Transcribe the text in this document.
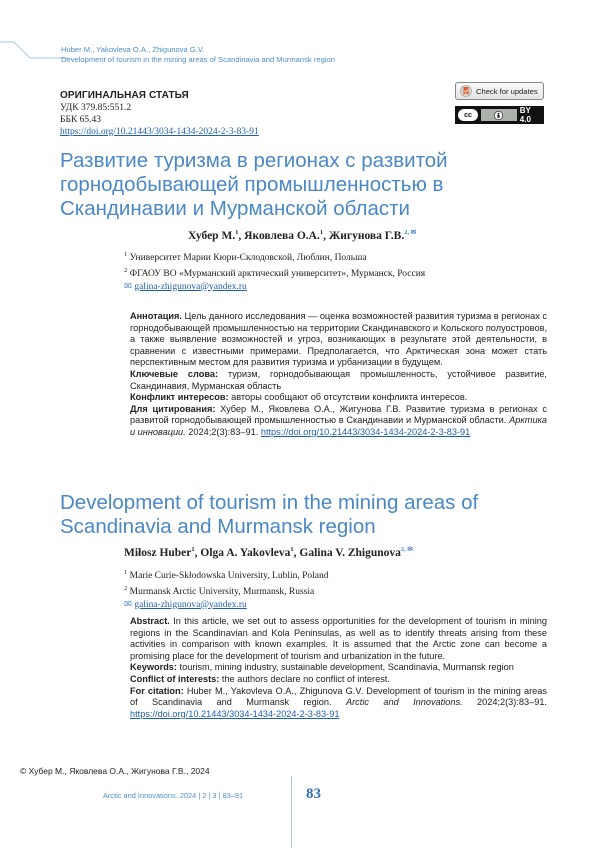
Huber M., Yakovleva O.A., Zhigunova G.V.
Development of tourism in the mining areas of Scandinavia and Murmansk region
ОРИГИНАЛЬНАЯ СТАТЬЯ
УДК 379.85:551.2
ББК 65.43
https://doi.org/10.21443/3034-1434-2024-2-3-83-91
Check for updates
cc	BY 4.0
Развитие туризма в регионах с развитой горнодобывающей промышленностью в Скандинавии и Мурманской области
Хубер М.$^1$, Яковлева О.А.$^1$, Жигунова Г.В.$^{2, ✉}$
$^1$ Университет Марии Кюри-Склодовской, Люблин, Польша
$^2$ ФГАОУ ВО «Мурманский арктический университет», Мурманск, Россия
✉ galina-zhigunova@yandex.ru

Аннотация. Цель данного исследования — оценка возможностей развития туризма в регионах с горнодобывающей промышленностью на территории Скандинавского и Кольского полуостровов, а также выявление возможностей и угроз, возникающих в результате этой деятельности, в сравнении с известными примерами. Предполагается, что Арктическая зона может стать перспективным местом для развития туризма и урбанизации в будущем.

Ключевые слова: туризм, горнодобывающая промышленность, устойчивое развитие, Скандинавия, Мурманская область

Конфликт интересов: авторы сообщают об отсутствии конфликта интересов.

Для цитирования: Хубер М., Яковлева О.А., Жигунова Г.В. Развитие туризма в регионах с развитой горнодобывающей промышленностью в Скандинавии и Мурманской области. Арктика и инновации. 2024;2(3):83–91. https://doi.org/10.21443/3034-1434-2024-2-3-83-91

Development of tourism in the mining areas of Scandinavia and Murmansk region
Miłosz Huber$^1$, Olga A. Yakovleva$^1$, Galina V. Zhigunova$^{2, ✉}$
$^1$ Marie Curie-Skłodowska University, Lublin, Poland
$^2$ Murmansk Arctic University, Murmansk, Russia
✉ galina-zhigunova@yandex.ru

Abstract. In this article, we set out to assess opportunities for the development of tourism in mining regions in the Scandinavian and Kola Peninsulas, as well as to identify threats arising from these activities in comparison with known examples. It is assumed that the Arctic zone can become a promising place for the development of tourism and urbanization in the future.

Keywords: tourism, mining industry, sustainable development, Scandinavia, Murmansk region

Conflict of interests: the authors declare no conflict of interest.

For citation: Huber M., Yakovleva O.A., Zhigunova G.V. Development of tourism in the mining areas of Scandinavia and Murmansk region. Arctic and Innovations. 2024;2(3):83–91. https://doi.org/10.21443/3034-1434-2024-2-3-83-91

© Хубер М., Яковлева О.А., Жигунова Г.В., 2024
Arctic and Innovations. 2024 | 2 | 3 | 83–91	83
